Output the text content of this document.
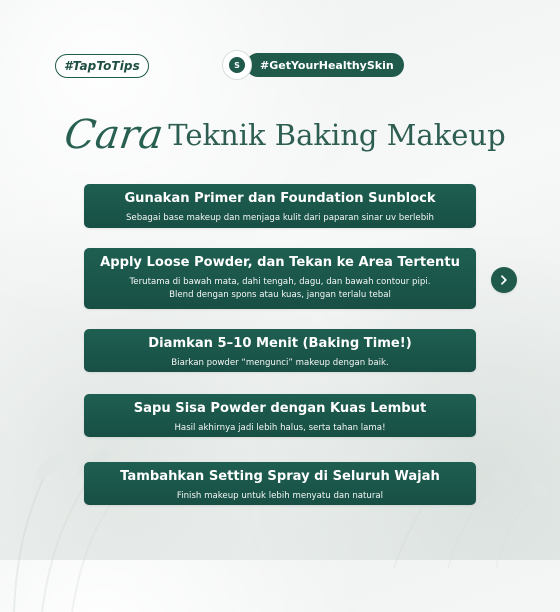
#TapToTips	S #GetYourHealthySkin
Cara Teknik Baking Makeup
Gunakan Primer dan Foundation Sunblock
Sebagai base makeup dan menjaga kulit dari paparan sinar uv berlebih
Apply Loose Powder, dan Tekan ke Area Tertentu
Terutama di bawah mata, dahi tengah, dagu, dan bawah contour pipi.
Blend dengan spons atau kuas, jangan terlalu tebal
Diamkan 5–10 Menit (Baking Time!)
Biarkan powder “mengunci” makeup dengan baik.
Sapu Sisa Powder dengan Kuas Lembut
Hasil akhirnya jadi lebih halus, serta tahan lama!
Tambahkan Setting Spray di Seluruh Wajah
Finish makeup untuk lebih menyatu dan natural
